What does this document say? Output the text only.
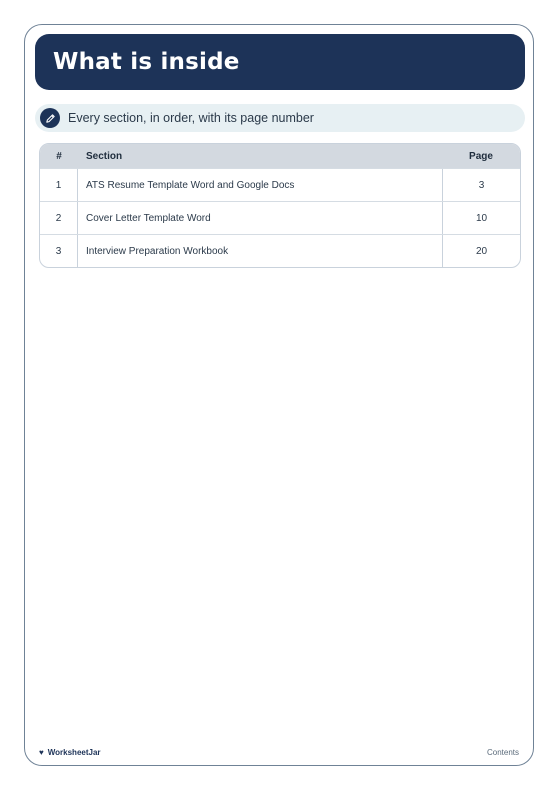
What is inside
Every section, in order, with its page number
#	Section	Page
1	ATS Resume Template Word and Google Docs	3
2	Cover Letter Template Word	10
3	Interview Preparation Workbook	20
♥ WorksheetJar	Contents
